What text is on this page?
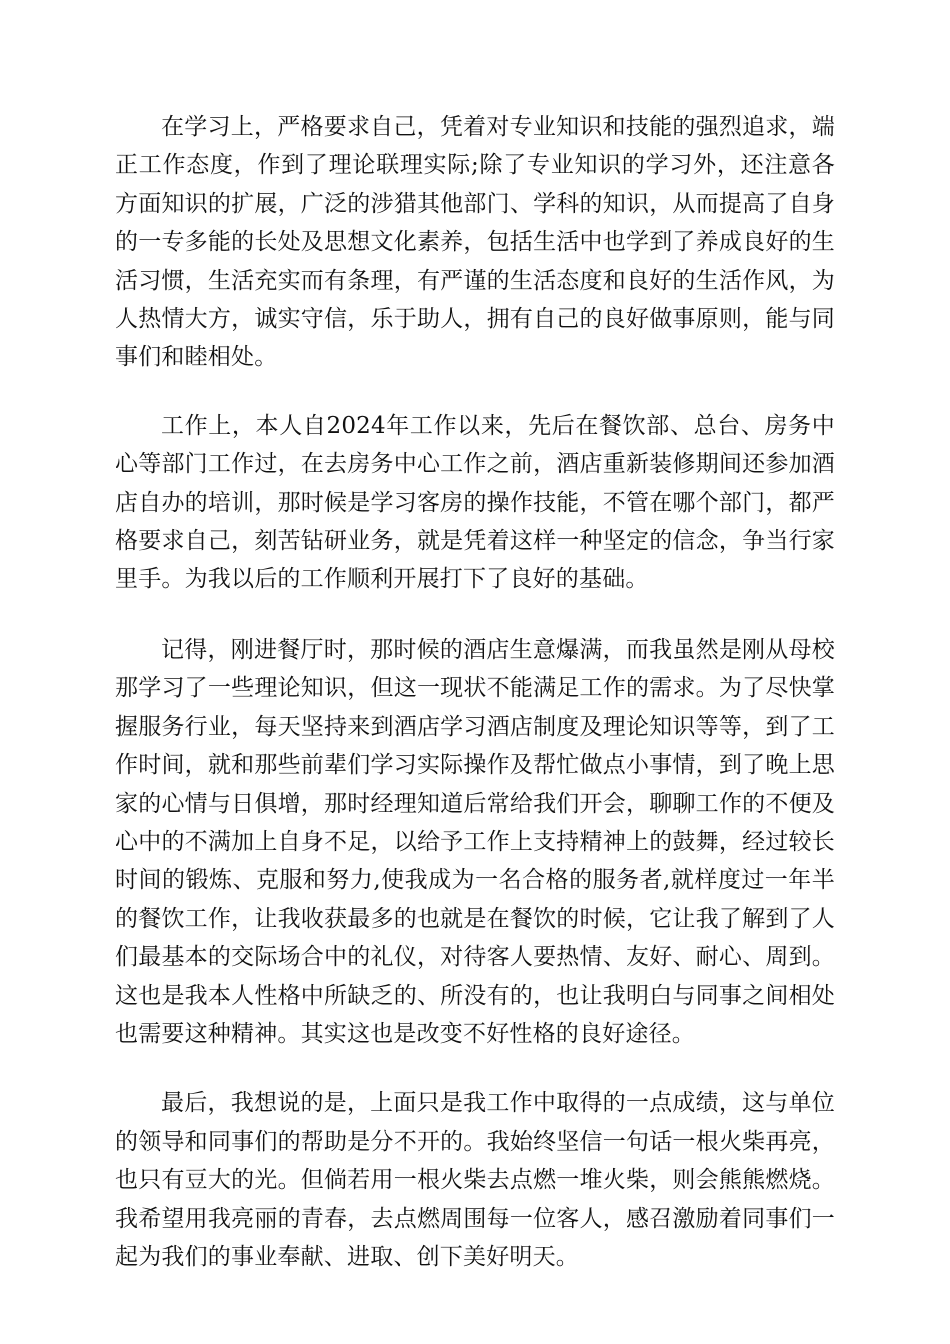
在学习上，严格要求自己，凭着对专业知识和技能的强烈追求，端正工作态度，作到了理论联理实际;除了专业知识的学习外，还注意各方面知识的扩展，广泛的涉猎其他部门、学科的知识，从而提高了自身的一专多能的长处及思想文化素养，包括生活中也学到了养成良好的生活习惯，生活充实而有条理，有严谨的生活态度和良好的生活作风，为人热情大方，诚实守信，乐于助人，拥有自己的良好做事原则，能与同事们和睦相处。

工作上，本人自2024年工作以来，先后在餐饮部、总台、房务中心等部门工作过，在去房务中心工作之前，酒店重新装修期间还参加酒店自办的培训，那时候是学习客房的操作技能，不管在哪个部门，都严格要求自己，刻苦钻研业务，就是凭着这样一种坚定的信念，争当行家里手。为我以后的工作顺利开展打下了良好的基础。

记得，刚进餐厅时，那时候的酒店生意爆满，而我虽然是刚从母校那学习了一些理论知识，但这一现状不能满足工作的需求。为了尽快掌握服务行业，每天坚持来到酒店学习酒店制度及理论知识等等，到了工作时间，就和那些前辈们学习实际操作及帮忙做点小事情，到了晚上思家的心情与日俱增，那时经理知道后常给我们开会，聊聊工作的不便及心中的不满加上自身不足，以给予工作上支持精神上的鼓舞，经过较长时间的锻炼、克服和努力,使我成为一名合格的服务者,就样度过一年半的餐饮工作，让我收获最多的也就是在餐饮的时候，它让我了解到了人们最基本的交际场合中的礼仪，对待客人要热情、友好、耐心、周到。这也是我本人性格中所缺乏的、所没有的，也让我明白与同事之间相处也需要这种精神。其实这也是改变不好性格的良好途径。

最后，我想说的是，上面只是我工作中取得的一点成绩，这与单位的领导和同事们的帮助是分不开的。我始终坚信一句话一根火柴再亮，也只有豆大的光。但倘若用一根火柴去点燃一堆火柴，则会熊熊燃烧。我希望用我亮丽的青春，去点燃周围每一位客人，感召激励着同事们一起为我们的事业奉献、进取、创下美好明天。
